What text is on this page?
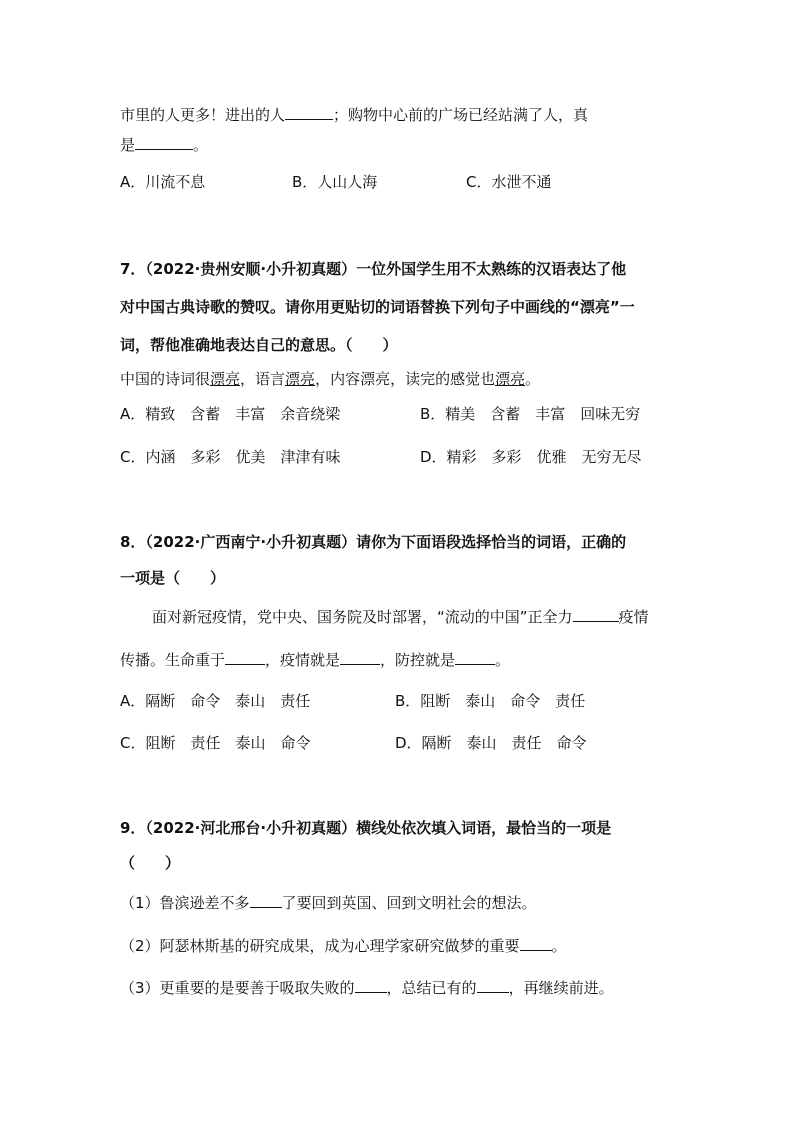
市里的人更多！进出的人	；购物中心前的广场已经站满了人，真
是	。
A．川流不息	B．人山人海	C．水泄不通
7．（2022·贵州安顺·小升初真题）一位外国学生用不太熟练的汉语表达了他
对中国古典诗歌的赞叹。请你用更贴切的词语替换下列句子中画线的“漂亮”一
词，帮他准确地表达自己的意思。（　　）
中国的诗词很漂亮，语言漂亮，内容漂亮，读完的感觉也漂亮。
A．精致　含蓄　丰富　余音绕梁	B．精美　含蓄　丰富　回味无穷
C．内涵　多彩　优美　津津有味	D．精彩　多彩　优雅　无穷无尽
8．（2022·广西南宁·小升初真题）请你为下面语段选择恰当的词语，正确的
一项是（　　）
面对新冠疫情，党中央、国务院及时部署，“流动的中国”正全力	疫情
传播。生命重于	，疫情就是	，防控就是	。
A．隔断　命令　泰山　责任	B．阻断　泰山　命令　责任
C．阻断　责任　泰山　命令	D．隔断　泰山　责任　命令
9．（2022·河北邢台·小升初真题）横线处依次填入词语，最恰当的一项是
（　　）
（1）鲁滨逊差不多 了要回到英国、回到文明社会的想法。
（2）阿瑟林斯基的研究成果，成为心理学家研究做梦的重要 。
（3）更重要的是要善于吸取失败的 ，总结已有的 ，再继续前进。
